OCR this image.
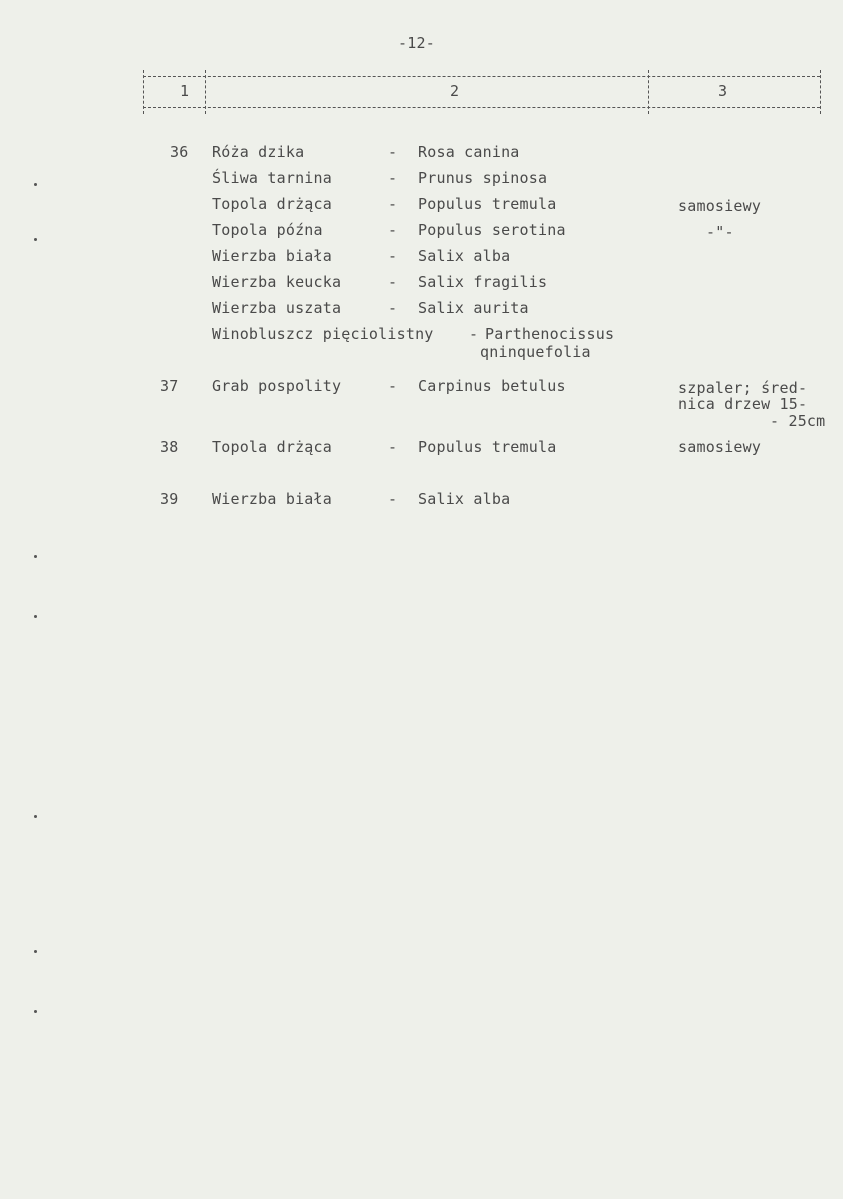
-12-
1	2	3
36 Róża dzika	- Rosa canina
Śliwa tarnina	- Prunus spinosa
Topola drżąca	- Populus tremula	samosiewy
Topola późna	- Populus serotina	-"-
Wierzba biała	- Salix alba
Wierzba keucka	- Salix fragilis
Wierzba uszata	- Salix aurita
Winobluszcz pięciolistny - Parthenocissus
qninquefolia
37 Grab pospolity	- Carpinus betulus	szpaler; śred-
nica drzew 15-
- 25cm
38 Topola drżąca	- Populus tremula	samosiewy
39 Wierzba biała	- Salix alba
